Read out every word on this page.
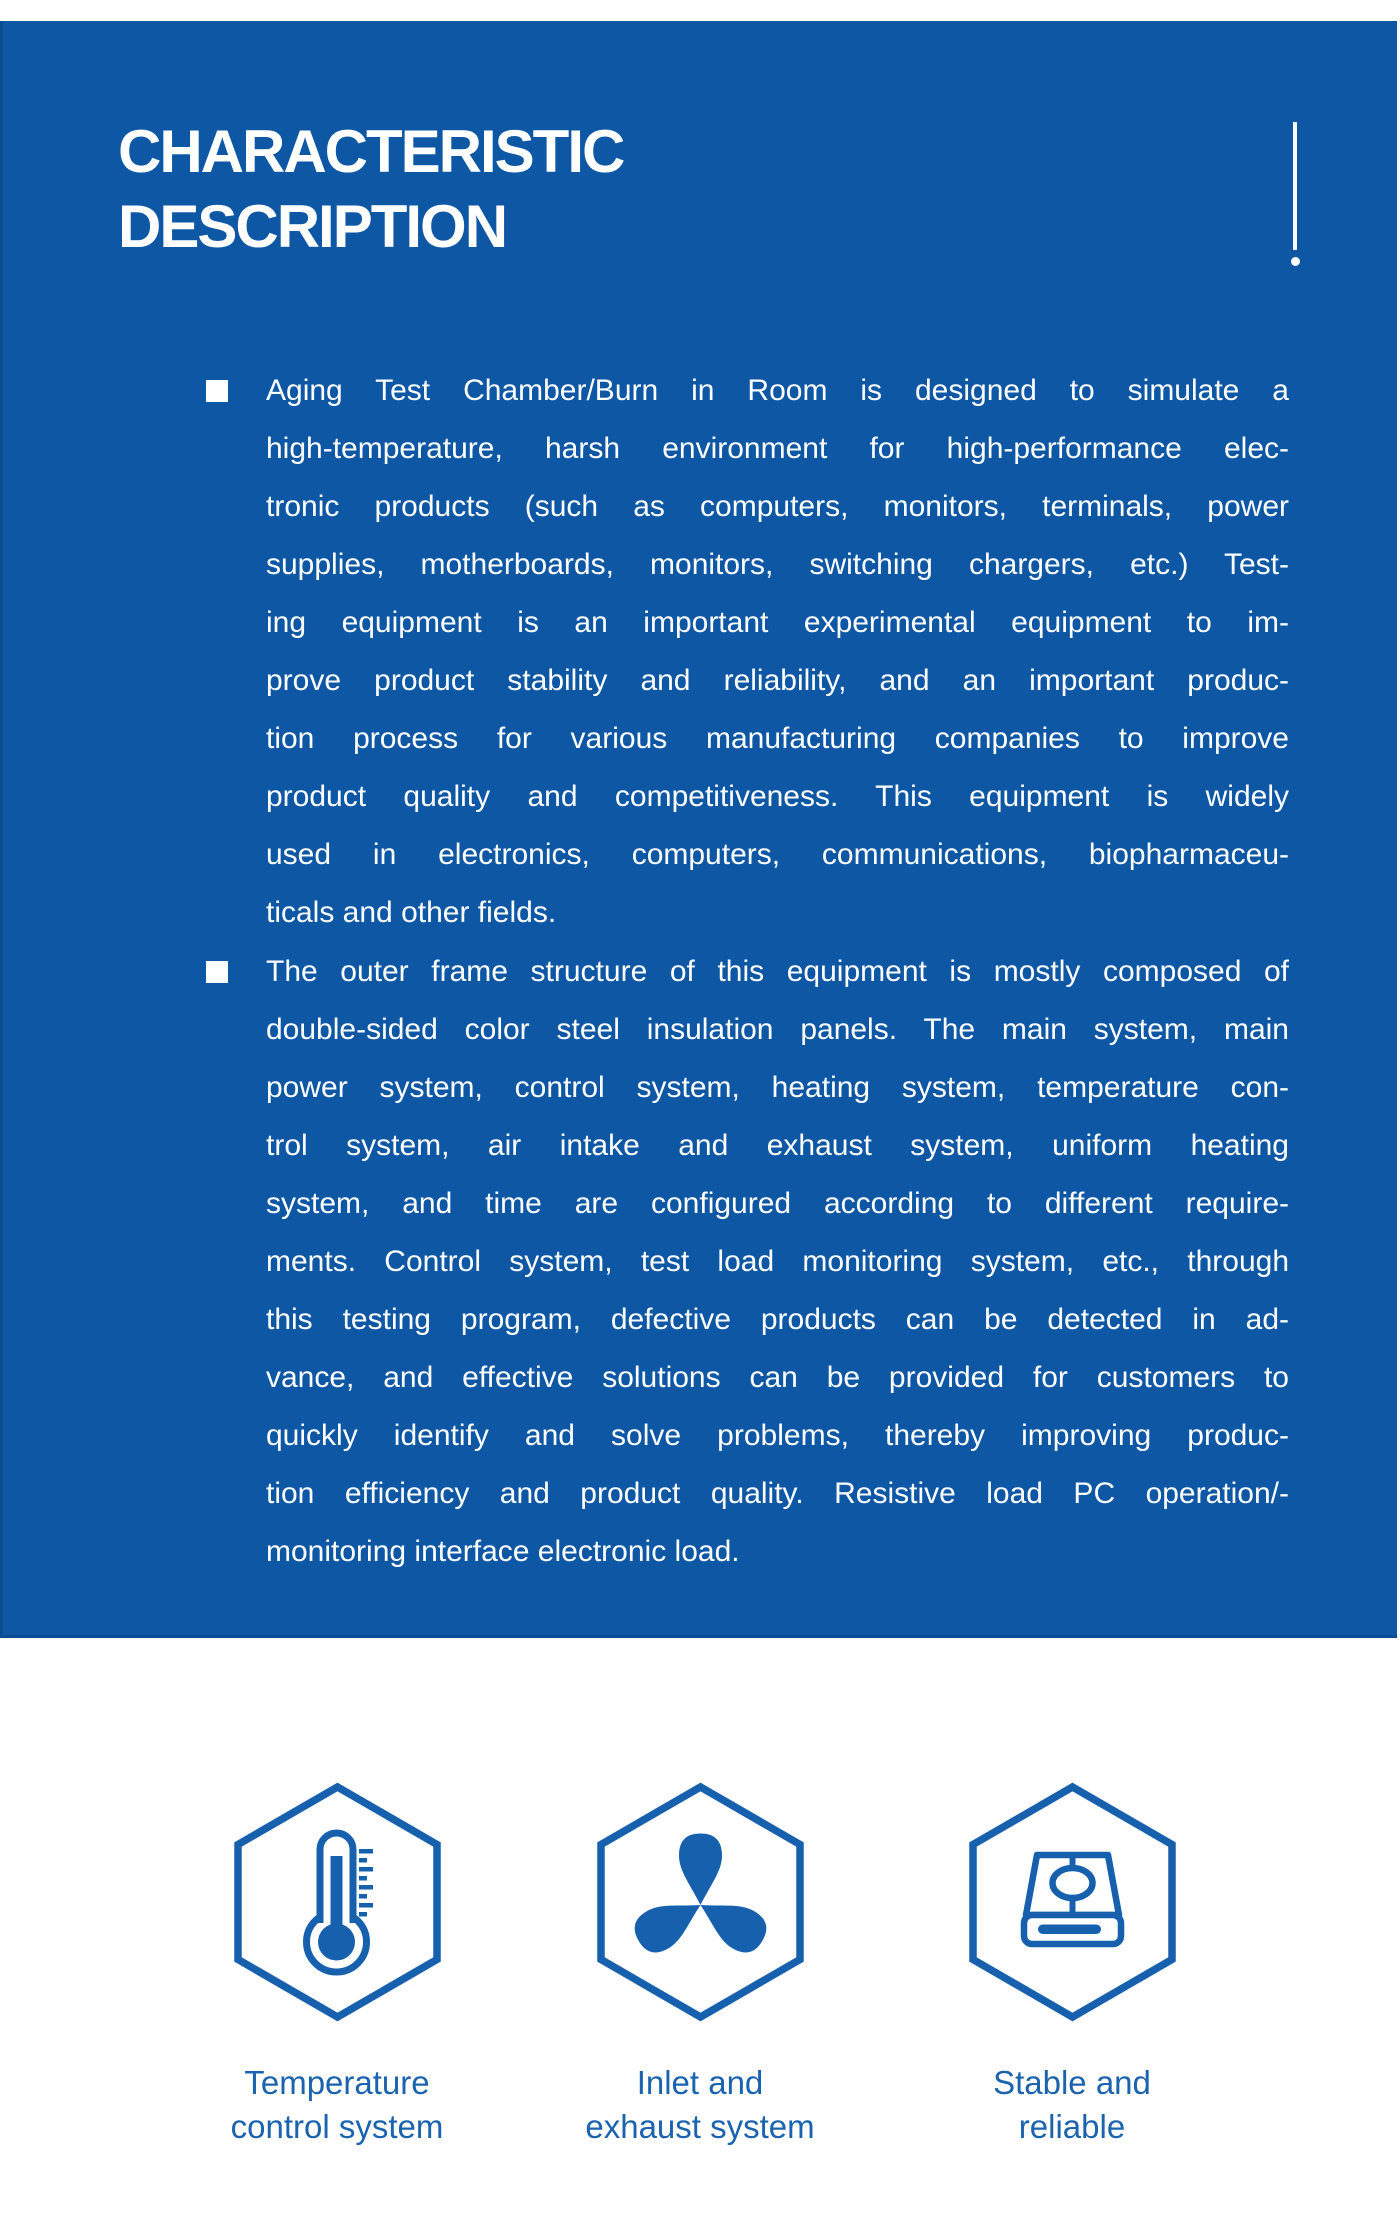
CHARACTERISTIC
DESCRIPTION
Aging Test Chamber/Burn in Room is designed to simulate a
high-temperature, harsh environment for high-performance elec-
tronic products (such as computers, monitors, terminals, power
supplies, motherboards, monitors, switching chargers, etc.) Test-
ing equipment is an important experimental equipment to im-
prove product stability and reliability, and an important produc-
tion process for various manufacturing companies to improve
product quality and competitiveness. This equipment is widely
used in electronics, computers, communications, biopharmaceu-
ticals and other fields.
The outer frame structure of this equipment is mostly composed of
double-sided color steel insulation panels. The main system, main
power system, control system, heating system, temperature con-
trol system, air intake and exhaust system, uniform heating
system, and time are configured according to different require-
ments. Control system, test load monitoring system, etc., through
this testing program, defective products can be detected in ad-
vance, and effective solutions can be provided for customers to
quickly identify and solve problems, thereby improving produc-
tion efficiency and product quality. Resistive load PC operation/-
monitoring interface electronic load.
Temperature
control system
Inlet and
exhaust system
Stable and
reliable
